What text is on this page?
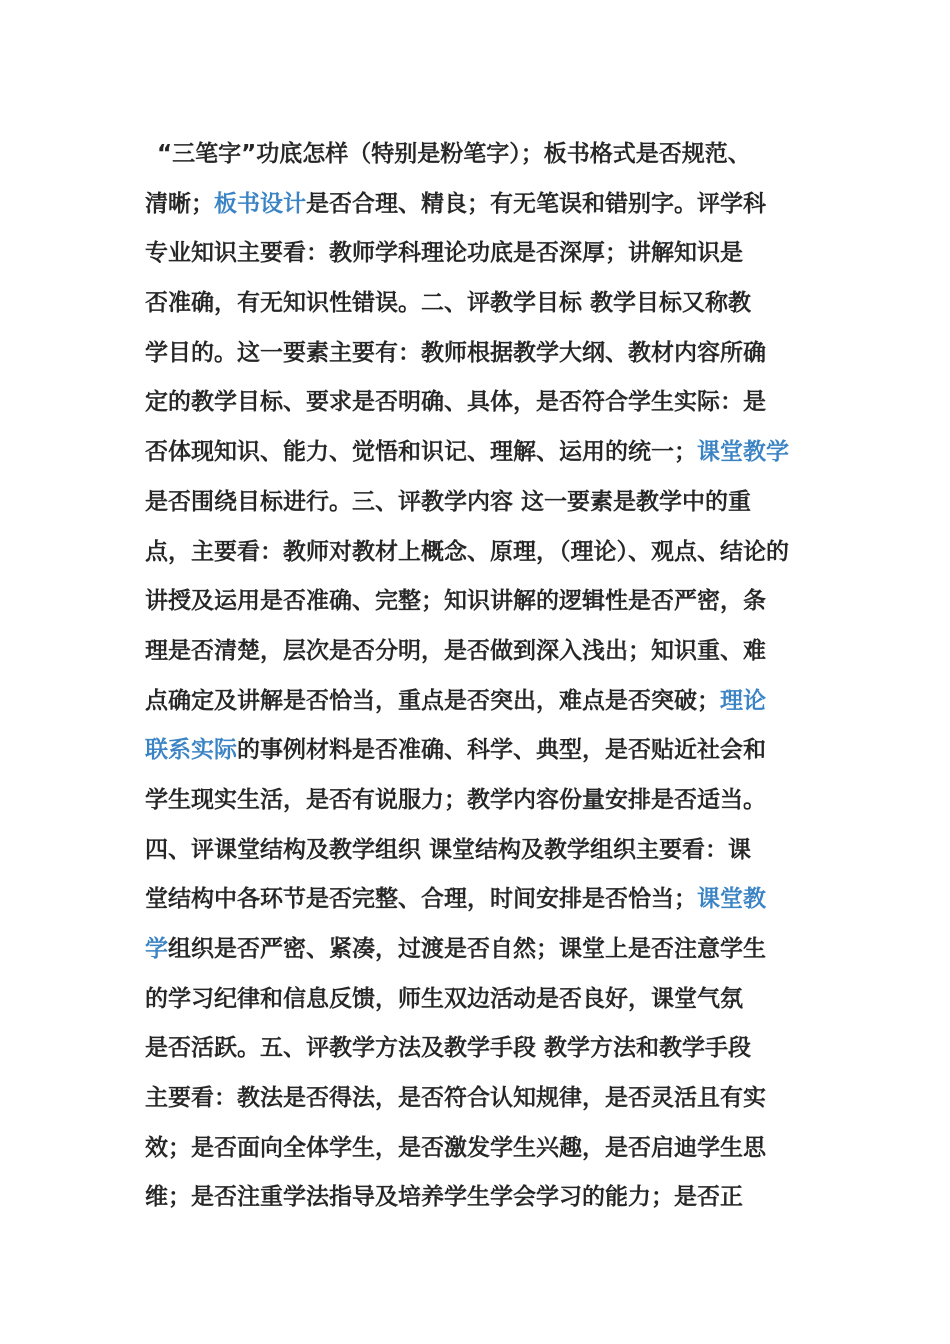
“三笔字”功底怎样（特别是粉笔字）；板书格式是否规范、
清晰；板书设计是否合理、精良；有无笔误和错别字。评学科
专业知识主要看：教师学科理论功底是否深厚；讲解知识是
否准确，有无知识性错误。二、评教学目标 教学目标又称教
学目的。这一要素主要有：教师根据教学大纲、教材内容所确
定的教学目标、要求是否明确、具体，是否符合学生实际：是
否体现知识、能力、觉悟和识记、理解、运用的统一；课堂教学
是否围绕目标进行。三、评教学内容 这一要素是教学中的重
点，主要看：教师对教材上概念、原理，（理论）、观点、结论的
讲授及运用是否准确、完整；知识讲解的逻辑性是否严密，条
理是否清楚，层次是否分明，是否做到深入浅出；知识重、难
点确定及讲解是否恰当，重点是否突出，难点是否突破；理论
联系实际的事例材料是否准确、科学、典型，是否贴近社会和
学生现实生活，是否有说服力；教学内容份量安排是否适当。
四、评课堂结构及教学组织 课堂结构及教学组织主要看：课
堂结构中各环节是否完整、合理，时间安排是否恰当；课堂教
学组织是否严密、紧凑，过渡是否自然；课堂上是否注意学生
的学习纪律和信息反馈，师生双边活动是否良好，课堂气氛
是否活跃。五、评教学方法及教学手段 教学方法和教学手段
主要看：教法是否得法，是否符合认知规律，是否灵活且有实
效；是否面向全体学生，是否激发学生兴趣，是否启迪学生思
维；是否注重学法指导及培养学生学会学习的能力；是否正
